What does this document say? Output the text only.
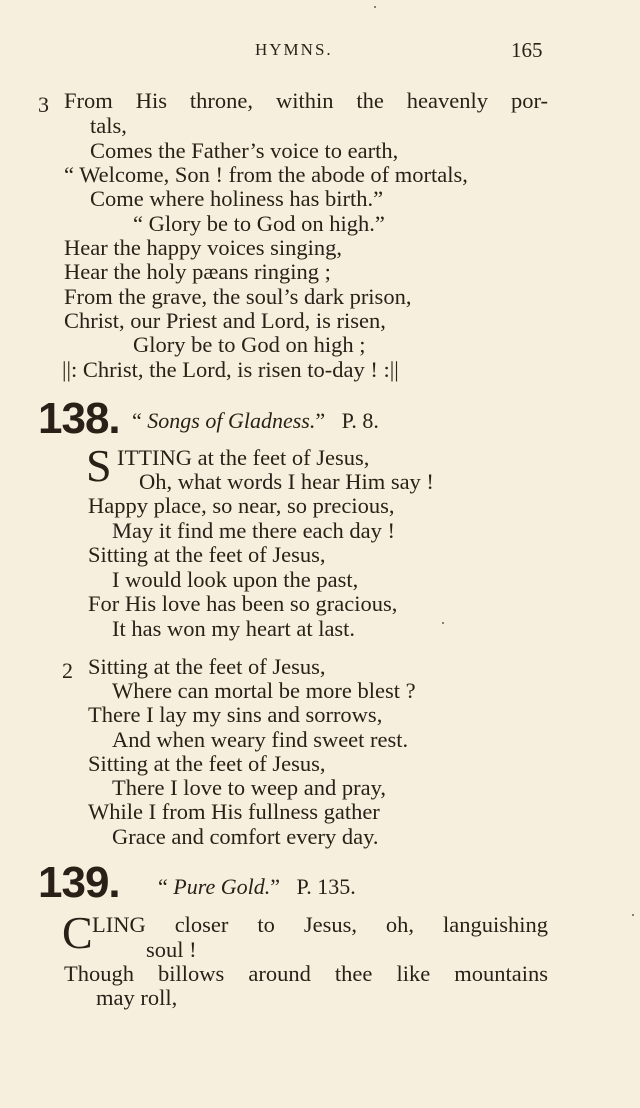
HYMNS.	165
3 From His throne, within the heavenly por-
tals,
Comes the Father’s voice to earth,
“ Welcome, Son ! from the abode of mortals,
Come where holiness has birth.”
“ Glory be to God on high.”
Hear the happy voices singing,
Hear the holy pæans ringing ;
From the grave, the soul’s dark prison,
Christ, our Priest and Lord, is risen,
Glory be to God on high ;
||: Christ, the Lord, is risen to-day ! :||
138. “ Songs of Gladness.” P. 8.
S ITTING at the feet of Jesus,
Oh, what words I hear Him say !
Happy place, so near, so precious,
May it find me there each day !
Sitting at the feet of Jesus,
I would look upon the past,
For His love has been so gracious,
It has won my heart at last.
2 Sitting at the feet of Jesus,
Where can mortal be more blest ?
There I lay my sins and sorrows,
And when weary find sweet rest.
Sitting at the feet of Jesus,
There I love to weep and pray,
While I from His fullness gather
Grace and comfort every day.
139. “ Pure Gold.” P. 135.
C LING closer to Jesus, oh, languishing
soul !
Though billows around thee like mountains
may roll,
